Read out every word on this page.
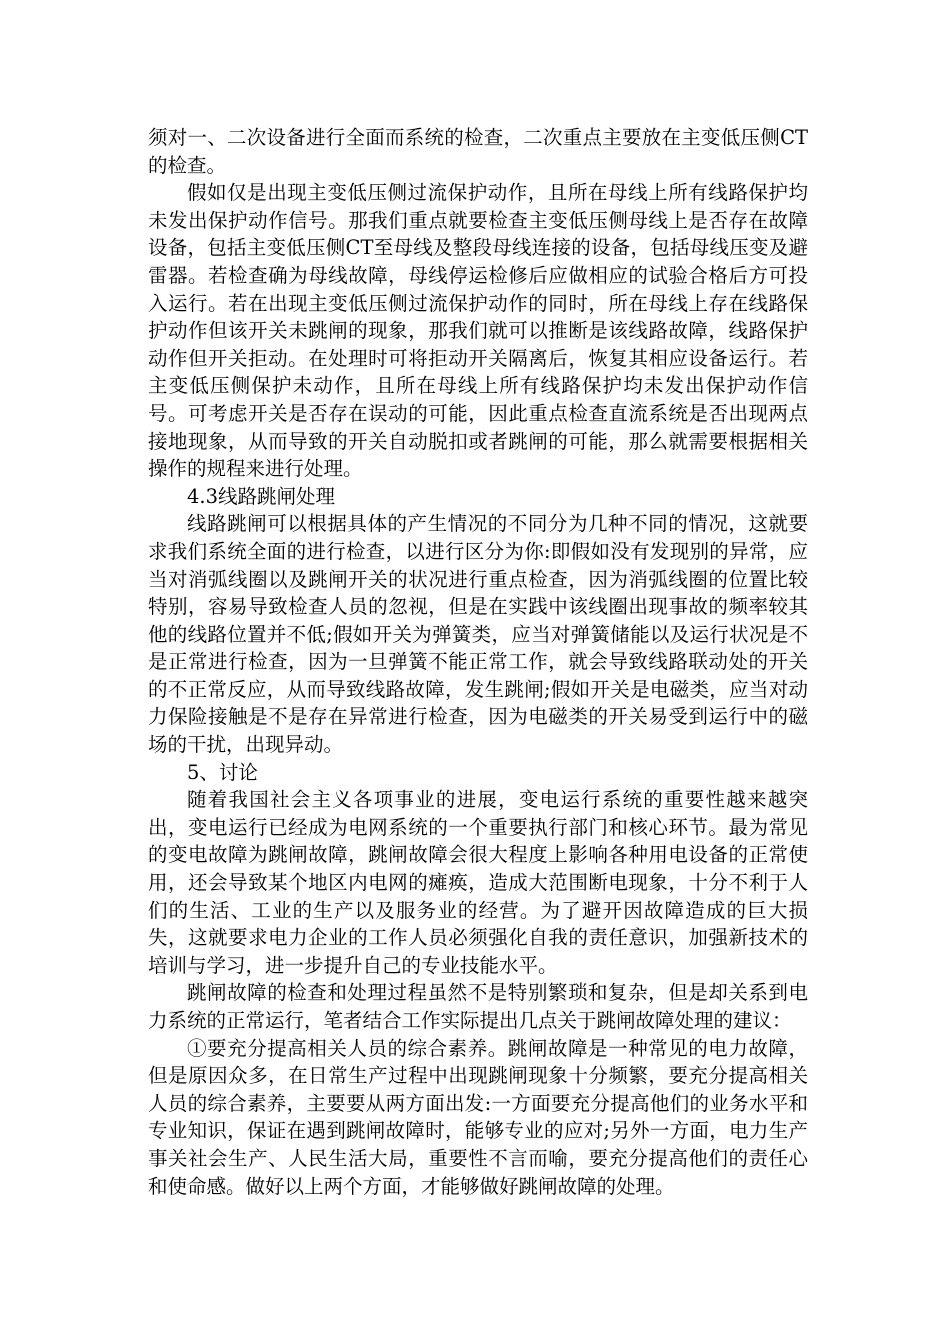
须对一、二次设备进行全面而系统的检查，二次重点主要放在主变低压侧CT的检查。

假如仅是出现主变低压侧过流保护动作，且所在母线上所有线路保护均未发出保护动作信号。那我们重点就要检查主变低压侧母线上是否存在故障设备，包括主变低压侧CT至母线及整段母线连接的设备，包括母线压变及避雷器。若检查确为母线故障，母线停运检修后应做相应的试验合格后方可投入运行。若在出现主变低压侧过流保护动作的同时，所在母线上存在线路保护动作但该开关未跳闸的现象，那我们就可以推断是该线路故障，线路保护动作但开关拒动。在处理时可将拒动开关隔离后，恢复其相应设备运行。若主变低压侧保护未动作，且所在母线上所有线路保护均未发出保护动作信号。可考虑开关是否存在误动的可能，因此重点检查直流系统是否出现两点接地现象，从而导致的开关自动脱扣或者跳闸的可能，那么就需要根据相关操作的规程来进行处理。

4.3线路跳闸处理

线路跳闸可以根据具体的产生情况的不同分为几种不同的情况，这就要求我们系统全面的进行检查，以进行区分为你:即假如没有发现别的异常，应当对消弧线圈以及跳闸开关的状况进行重点检查，因为消弧线圈的位置比较特别，容易导致检查人员的忽视，但是在实践中该线圈出现事故的频率较其他的线路位置并不低;假如开关为弹簧类，应当对弹簧储能以及运行状况是不是正常进行检查，因为一旦弹簧不能正常工作，就会导致线路联动处的开关的不正常反应，从而导致线路故障，发生跳闸;假如开关是电磁类，应当对动力保险接触是不是存在异常进行检查，因为电磁类的开关易受到运行中的磁场的干扰，出现异动。

5、讨论

随着我国社会主义各项事业的进展，变电运行系统的重要性越来越突出，变电运行已经成为电网系统的一个重要执行部门和核心环节。最为常见的变电故障为跳闸故障，跳闸故障会很大程度上影响各种用电设备的正常使用，还会导致某个地区内电网的瘫痪，造成大范围断电现象，十分不利于人们的生活、工业的生产以及服务业的经营。为了避开因故障造成的巨大损失，这就要求电力企业的工作人员必须强化自我的责任意识，加强新技术的培训与学习，进一步提升自己的专业技能水平。

跳闸故障的检查和处理过程虽然不是特别繁琐和复杂，但是却关系到电力系统的正常运行，笔者结合工作实际提出几点关于跳闸故障处理的建议：

①要充分提高相关人员的综合素养。跳闸故障是一种常见的电力故障，但是原因众多，在日常生产过程中出现跳闸现象十分频繁，要充分提高相关人员的综合素养，主要要从两方面出发:一方面要充分提高他们的业务水平和专业知识，保证在遇到跳闸故障时，能够专业的应对;另外一方面，电力生产事关社会生产、人民生活大局，重要性不言而喻，要充分提高他们的责任心和使命感。做好以上两个方面，才能够做好跳闸故障的处理。
